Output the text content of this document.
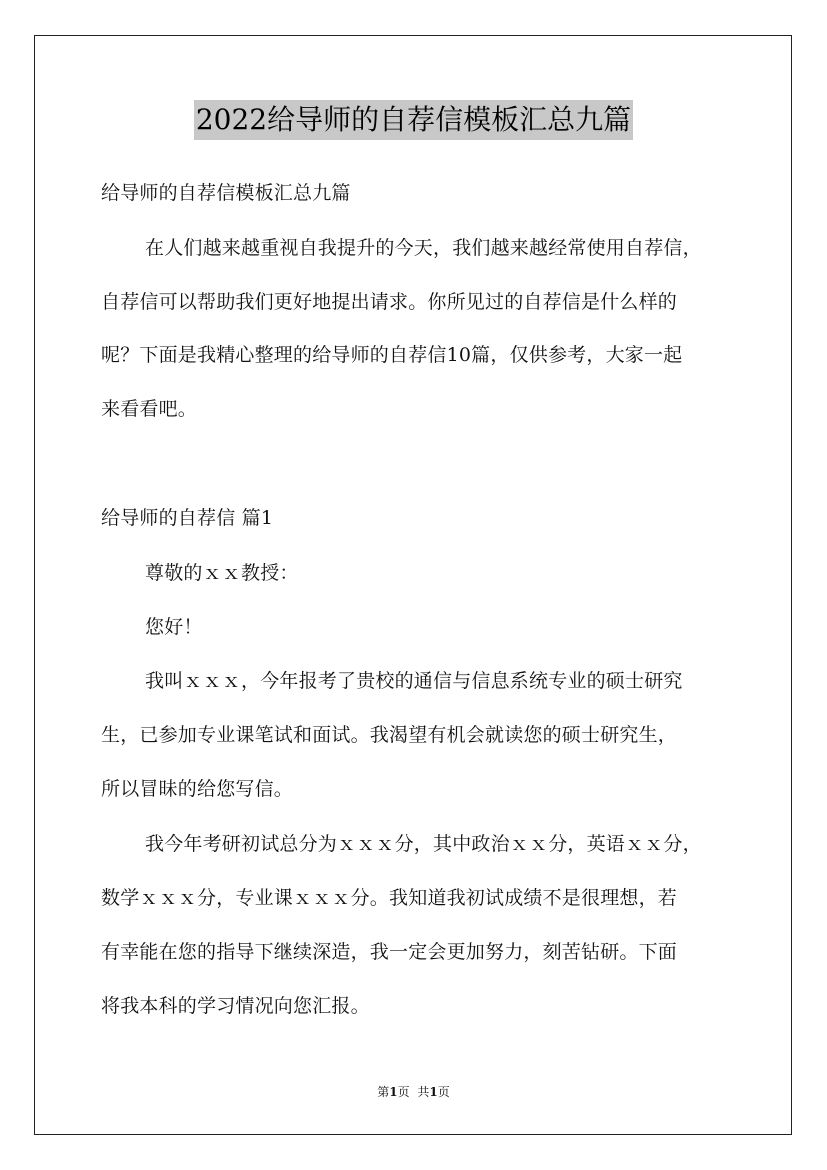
2022给导师的自荐信模板汇总九篇
给导师的自荐信模板汇总九篇
在人们越来越重视自我提升的今天，我们越来越经常使用自荐信，
自荐信可以帮助我们更好地提出请求。你所见过的自荐信是什么样的
呢？下面是我精心整理的给导师的自荐信10篇，仅供参考，大家一起
来看看吧。
给导师的自荐信 篇1
尊敬的ｘｘ教授：
您好！
我叫ｘｘｘ，今年报考了贵校的通信与信息系统专业的硕士研究
生，已参加专业课笔试和面试。我渴望有机会就读您的硕士研究生，
所以冒昧的给您写信。
我今年考研初试总分为ｘｘｘ分，其中政治ｘｘ分，英语ｘｘ分，
数学ｘｘｘ分，专业课ｘｘｘ分。我知道我初试成绩不是很理想，若
有幸能在您的指导下继续深造，我一定会更加努力，刻苦钻研。下面
将我本科的学习情况向您汇报。
第1页 共1页
